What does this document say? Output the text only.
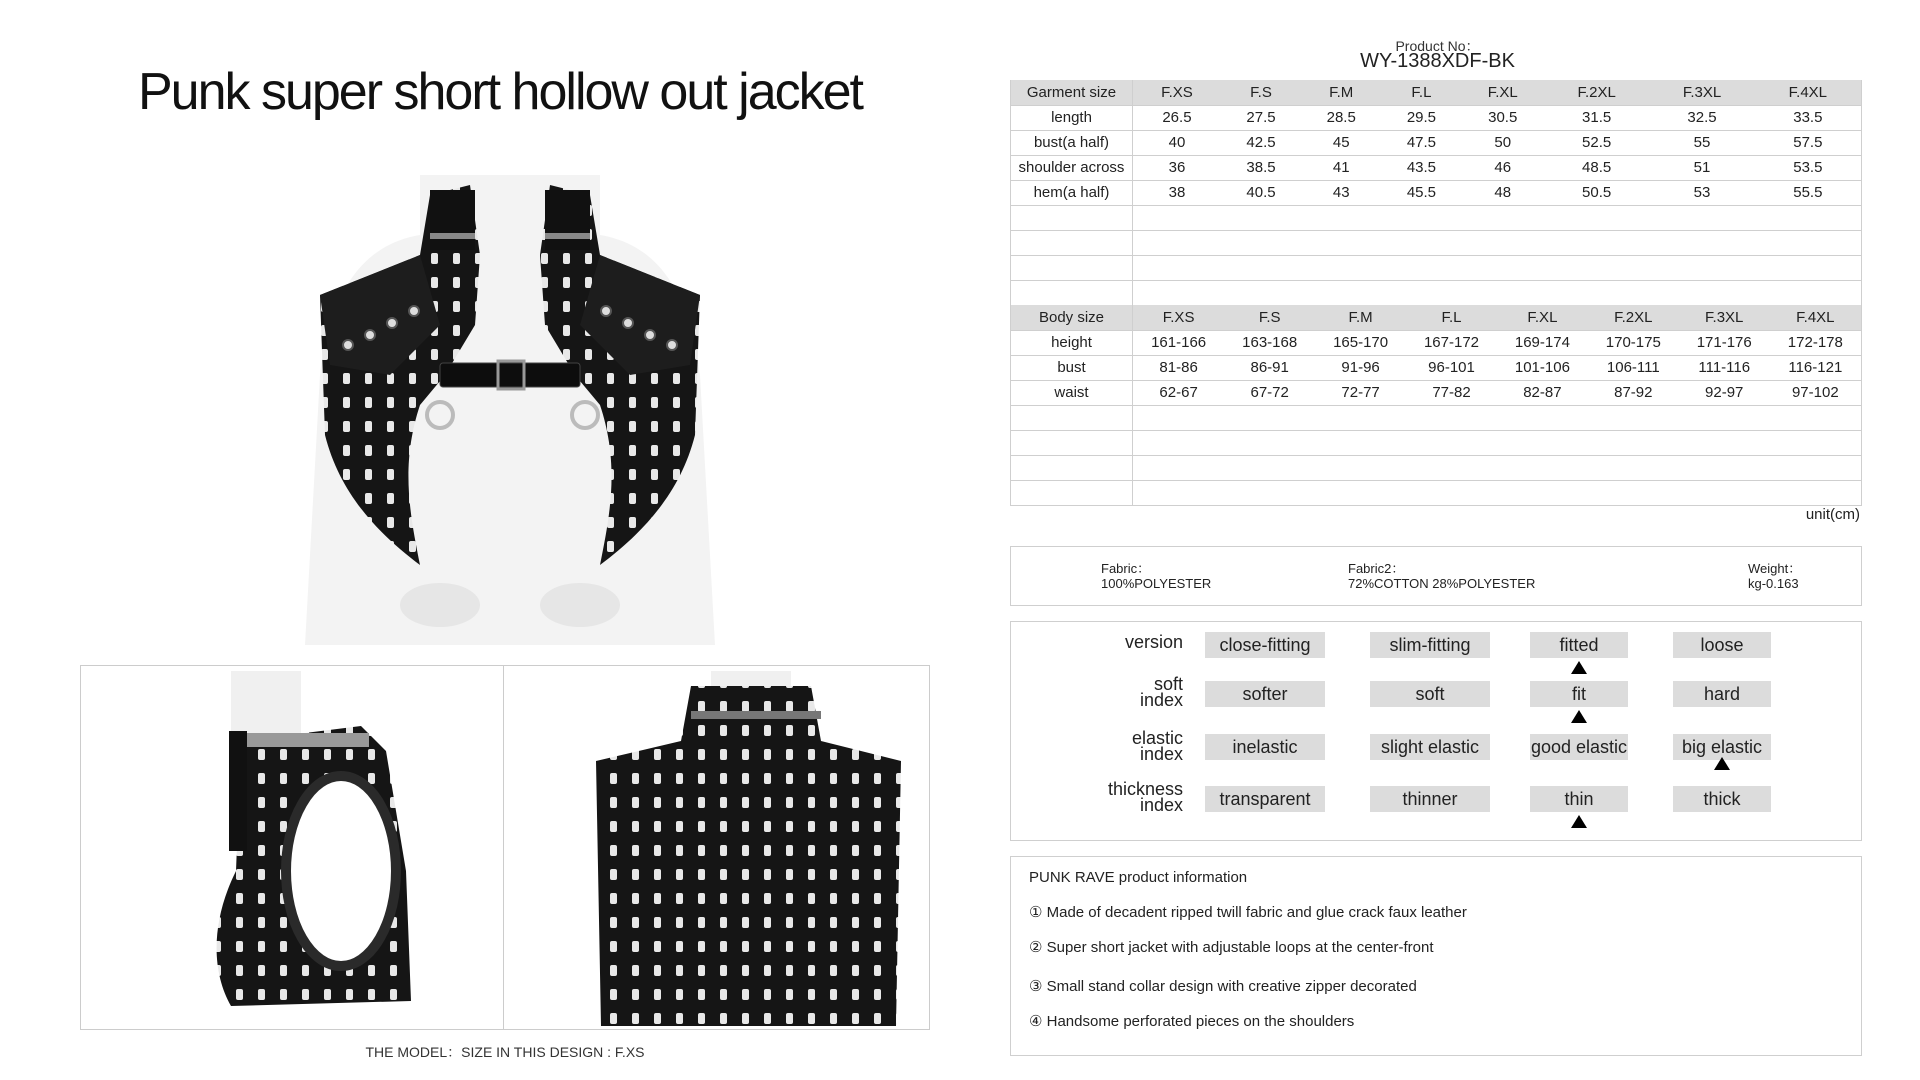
Punk super short hollow out jacket
THE MODEL：SIZE IN THIS DESIGN : F.XS
Product No：
WY-1388XDF-BK
Garment size	F.XS	F.S	F.M	F.L	F.XL	F.2XL	F.3XL	F.4XL
length	26.5	27.5	28.5	29.5	30.5	31.5	32.5	33.5
bust(a half)	40	42.5	45	47.5	50	52.5	55	57.5
shoulder across	36	38.5	41	43.5	46	48.5	51	53.5
hem(a half)	38	40.5	43	45.5	48	50.5	53	55.5

Body size	F.XS	F.S	F.M	F.L	F.XL	F.2XL	F.3XL	F.4XL
height	161-166	163-168	165-170	167-172	169-174	170-175	171-176	172-178
bust	81-86	86-91	91-96	96-101	101-106	106-111	111-116	116-121
waist	62-67	67-72	72-77	77-82	82-87	87-92	92-97	97-102

unit(cm)
Fabric：
100%POLYESTER
Fabric2：
72%COTTON 28%POLYESTER
Weight：
kg-0.163
version	close-fitting	slim-fitting	fitted	loose
soft
index	softer	soft	fit	hard
elastic
index	inelastic	slight elastic	good elastic	big elastic
thickness
index	transparent	thinner	thin	thick
PUNK RAVE product information
① Made of decadent ripped twill fabric and glue crack faux leather
② Super short jacket with adjustable loops at the center-front
③ Small stand collar design with creative zipper decorated
④ Handsome perforated pieces on the shoulders
